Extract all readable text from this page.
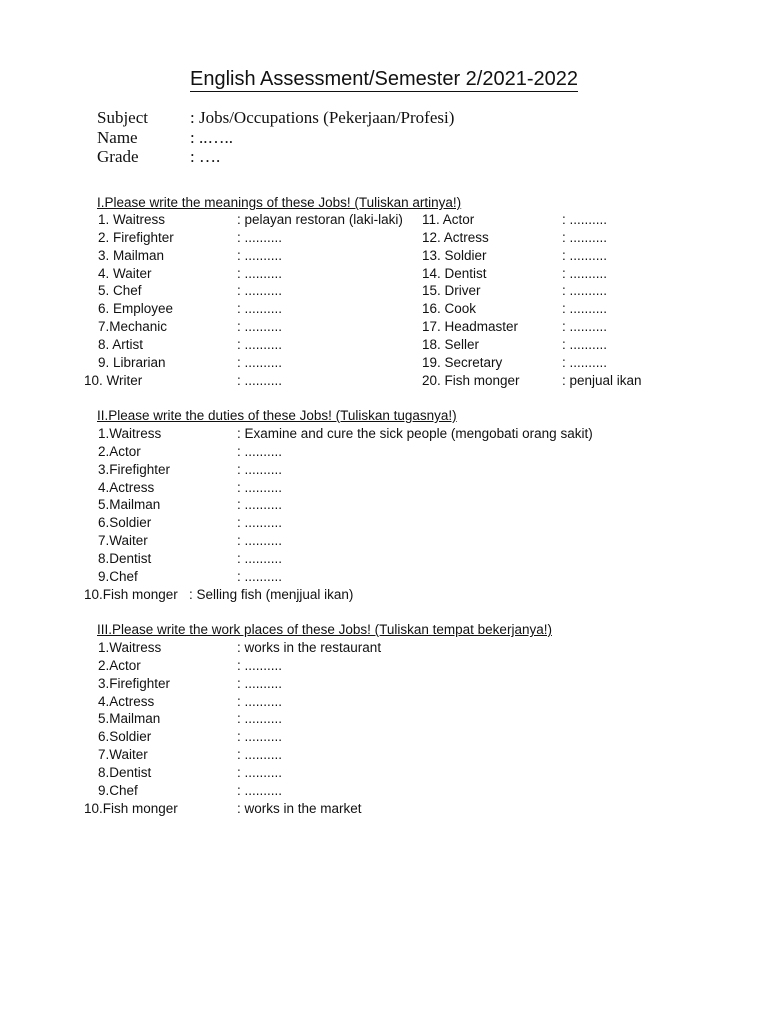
English Assessment/Semester 2/2021-2022
Subject : Jobs/Occupations (Pekerjaan/Profesi)
Name	: ..…..
Grade	: ….
I.Please write the meanings of these Jobs! (Tuliskan artinya!)
1. Waitress	: pelayan restoran (laki-laki) 11. Actor	: ..........
2. Firefighter	: ..........	12. Actress	: ..........
3. Mailman	: ..........	13. Soldier	: ..........
4. Waiter	: ..........	14. Dentist	: ..........
5. Chef	: ..........	15. Driver	: ..........
6. Employee	: ..........	16. Cook	: ..........
7.Mechanic	: ..........	17. Headmaster	: ..........
8. Artist	: ..........	18. Seller	: ..........
9. Librarian	: ..........	19. Secretary	: ..........
10. Writer	: ..........	20. Fish monger	: penjual ikan
II.Please write the duties of these Jobs! (Tuliskan tugasnya!)
1.Waitress	: Examine and cure the sick people (mengobati orang sakit)
2.Actor	: ..........
3.Firefighter	: ..........
4.Actress	: ..........
5.Mailman	: ..........
6.Soldier	: ..........
7.Waiter	: ..........
8.Dentist	: ..........
9.Chef	: ..........
10.Fish monger   : Selling fish (menjjual ikan)
III.Please write the work places of these Jobs! (Tuliskan tempat bekerjanya!)
1.Waitress	: works in the restaurant
2.Actor	: ..........
3.Firefighter	: ..........
4.Actress	: ..........
5.Mailman	: ..........
6.Soldier	: ..........
7.Waiter	: ..........
8.Dentist	: ..........
9.Chef	: ..........
10.Fish monger	: works in the market
